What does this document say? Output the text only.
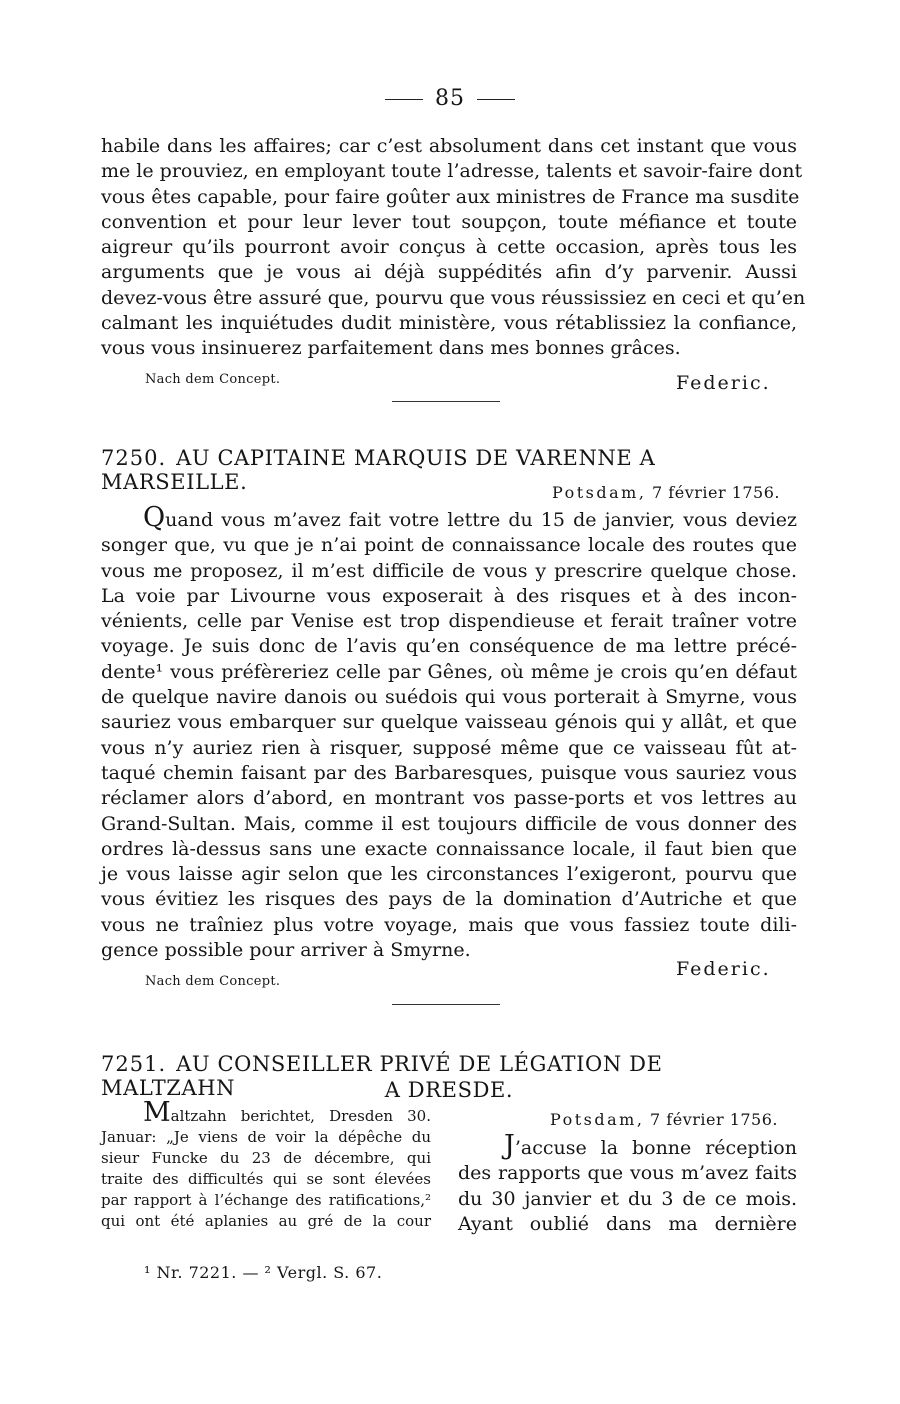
85
habile dans les affaires; car c’est absolument dans cet instant que vous
me le prouviez, en employant toute l’adresse, talents et savoir-faire dont
vous êtes capable, pour faire goûter aux ministres de France ma susdite
convention et pour leur lever tout soupçon, toute méfiance et toute
aigreur qu’ils pourront avoir conçus à cette occasion, après tous les
arguments que je vous ai déjà suppédités afin d’y parvenir. Aussi
devez-vous être assuré que, pourvu que vous réussissiez en ceci et qu’en
calmant les inquiétudes dudit ministère, vous rétablissiez la confiance,
vous vous insinuerez parfaitement dans mes bonnes grâces.
Nach dem Concept.	Federic.
7250. AU CAPITAINE MARQUIS DE VARENNE A MARSEILLE.	Potsdam, 7 février 1756.
Quand vous m’avez fait votre lettre du 15 de janvier, vous deviez
songer que, vu que je n’ai point de connaissance locale des routes que
vous me proposez, il m’est difficile de vous y prescrire quelque chose.
La voie par Livourne vous exposerait à des risques et à des incon-
vénients, celle par Venise est trop dispendieuse et ferait traîner votre
voyage. Je suis donc de l’avis qu’en conséquence de ma lettre précé-
dente¹ vous préfèreriez celle par Gênes, où même je crois qu’en défaut
de quelque navire danois ou suédois qui vous porterait à Smyrne, vous
sauriez vous embarquer sur quelque vaisseau génois qui y allât, et que
vous n’y auriez rien à risquer, supposé même que ce vaisseau fût at-
taqué chemin faisant par des Barbaresques, puisque vous sauriez vous
réclamer alors d’abord, en montrant vos passe-ports et vos lettres au
Grand-Sultan. Mais, comme il est toujours difficile de vous donner des
ordres là-dessus sans une exacte connaissance locale, il faut bien que
je vous laisse agir selon que les circonstances l’exigeront, pourvu que
vous évitiez les risques des pays de la domination d’Autriche et que
vous ne traîniez plus votre voyage, mais que vous fassiez toute dili-
gence possible pour arriver à Smyrne.
Nach dem Concept.
Federic.
7251. AU CONSEILLER PRIVÉ DE LÉGATION DE MALTZAHN	A DRESDE.
Maltzahn berichtet, Dresden 30.
Januar: „Je viens de voir la dépêche du
sieur Funcke du 23 de décembre, qui
traite des difficultés qui se sont élevées
par rapport à l’échange des ratifications,²
qui ont été aplanies au gré de la cour
Potsdam, 7 février 1756.
J’accuse la bonne réception
des rapports que vous m’avez faits
du 30 janvier et du 3 de ce mois.
Ayant oublié dans ma dernière
¹ Nr. 7221. — ² Vergl. S. 67.
